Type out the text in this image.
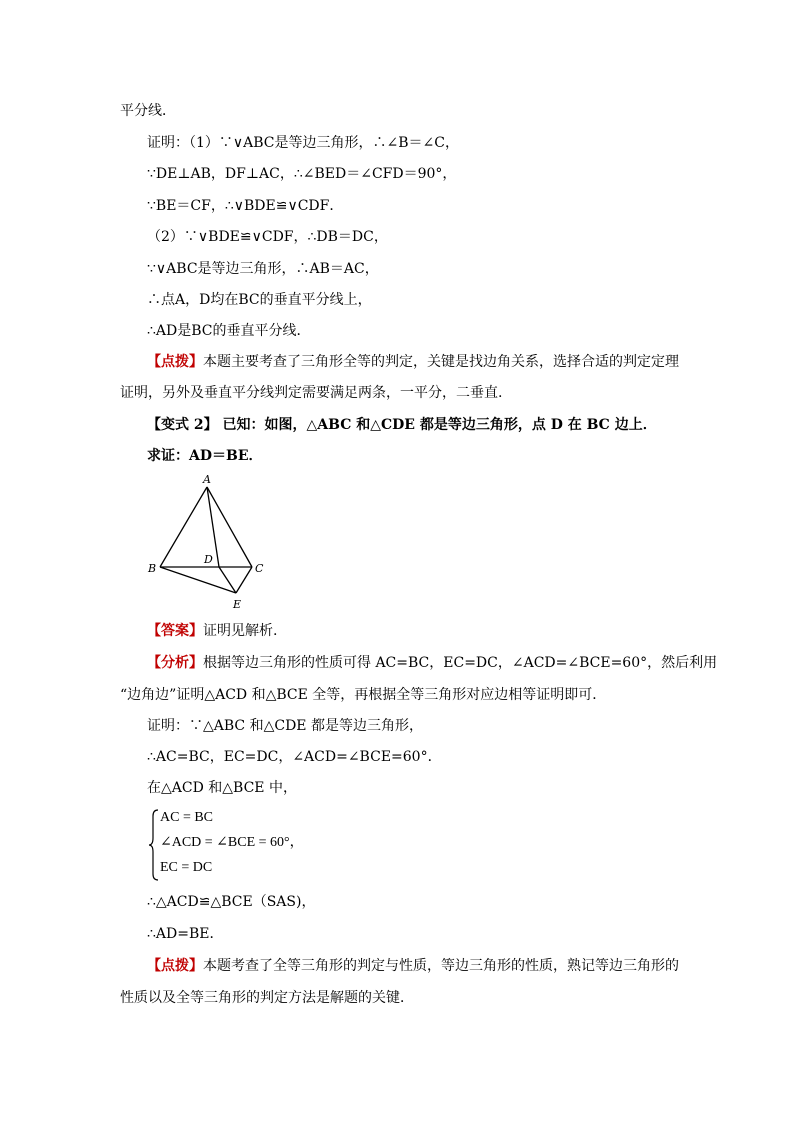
平分线．
证明：（1）∵∨ABC是等边三角形，∴∠B＝∠C，
∵DE⊥AB，DF⊥AC，∴∠BED＝∠CFD＝90°，
∵BE＝CF，∴∨BDE≌∨CDF．
（2）∵∨BDE≌∨CDF，∴DB＝DC，
∵∨ABC是等边三角形，∴AB＝AC，
∴点A，D均在BC的垂直平分线上，
∴AD是BC的垂直平分线．
【点拨】本题主要考查了三角形全等的判定，关键是找边角关系，选择合适的判定定理
证明，另外及垂直平分线判定需要满足两条，一平分，二垂直.
【变式 2】 已知：如图，△ABC 和△CDE 都是等边三角形，点 D 在 BC 边上．
求证：AD＝BE．
A
B	C
D
E
【答案】证明见解析.
【分析】根据等边三角形的性质可得 AC=BC，EC=DC，∠ACD=∠BCE=60°，然后利用
“边角边”证明△ACD 和△BCE 全等，再根据全等三角形对应边相等证明即可．
证明：∵△ABC 和△CDE 都是等边三角形，
∴AC=BC，EC=DC，∠ACD=∠BCE=60°．
在△ACD 和△BCE 中，
AC = BC
∠ACD = ∠BCE = 60°，
EC = DC
∴△ACD≌△BCE（SAS)，
∴AD=BE．
【点拨】本题考查了全等三角形的判定与性质，等边三角形的性质，熟记等边三角形的
性质以及全等三角形的判定方法是解题的关键．
